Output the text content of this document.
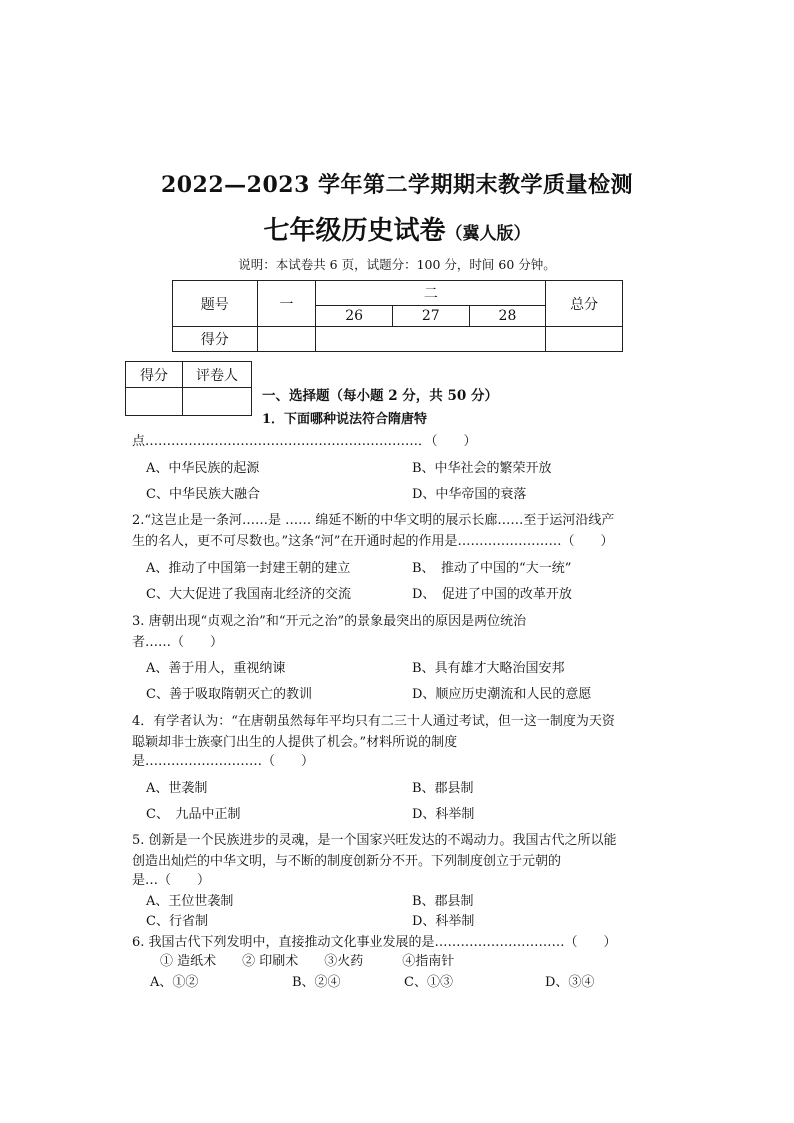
2022—2023 学年第二学期期末教学质量检测
七年级历史试卷（冀人版）
说明：本试卷共 6 页，试题分：100 分，时间 60 分钟。
题号	一	二			总分
		26	27	28	
得分					
得分	评卷人

一、选择题（每小题 2 分，共 50 分）
1．下面哪种说法符合隋唐特
点………………………………………………………．（　　）
A、中华民族的起源	B、中华社会的繁荣开放
C、中华民族大融合	D、中华帝国的衰落
2.“这岂止是一条河……是 …… 绵延不断的中华文明的展示长廊……至于运河沿线产
生的名人，更不可尽数也。”这条“河”在开通时起的作用是……………………（　　）
A、推动了中国第一封建王朝的建立	B、　推动了中国的“大一统”
C、大大促进了我国南北经济的交流	D、　促进了中国的改革开放
3. 唐朝出现“贞观之治”和“开元之治”的景象最突出的原因是两位统治
者……（　　）
A、善于用人，重视纳谏	B、具有雄才大略治国安邦
C、善于吸取隋朝灭亡的教训	D、顺应历史潮流和人民的意愿
4．有学者认为：“在唐朝虽然每年平均只有二三十人通过考试，但一这一制度为天资
聪颖却非士族豪门出生的人提供了机会。”材料所说的制度
是………………………（　　）
A、世袭制	B、郡县制
C、　九品中正制	D、科举制
5. 创新是一个民族进步的灵魂，是一个国家兴旺发达的不竭动力。我国古代之所以能
创造出灿烂的中华文明，与不断的制度创新分不开。下列制度创立于元朝的
是…（　　）
A、王位世袭制	B、郡县制
C、行省制	D、科举制
6. 我国古代下列发明中，直接推动文化事业发展的是…………………………（　　）
① 造纸术　　② 印刷术　　③火药　　　④指南针
A、①②	B、②④	C、①③	D、③④
